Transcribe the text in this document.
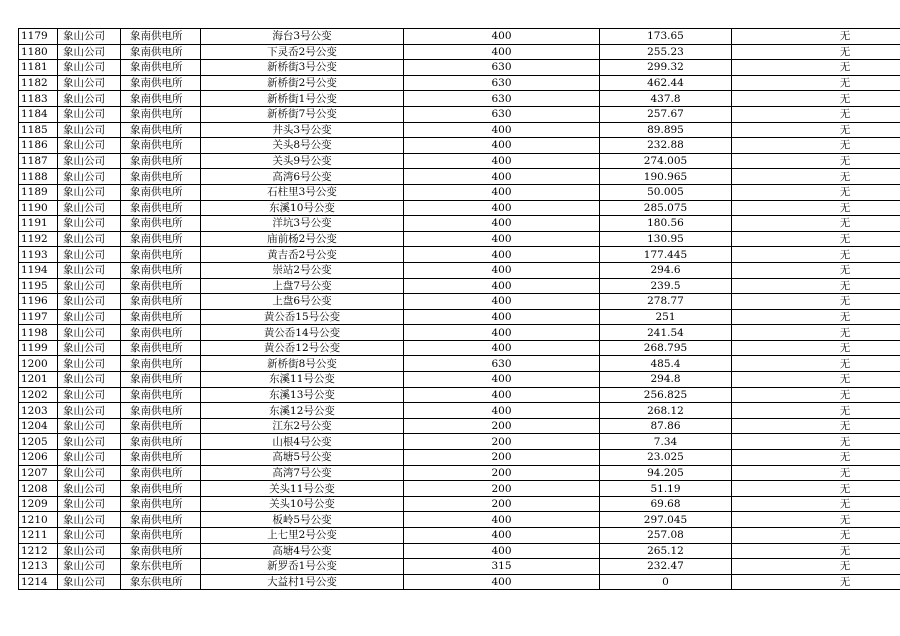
1179	象山公司	象南供电所	海台3号公变	400	173.65	无
1180	象山公司	象南供电所	下灵岙2号公变	400	255.23	无
1181	象山公司	象南供电所	新桥街3号公变	630	299.32	无
1182	象山公司	象南供电所	新桥街2号公变	630	462.44	无
1183	象山公司	象南供电所	新桥街1号公变	630	437.8	无
1184	象山公司	象南供电所	新桥街7号公变	630	257.67	无
1185	象山公司	象南供电所	井头3号公变	400	89.895	无
1186	象山公司	象南供电所	关头8号公变	400	232.88	无
1187	象山公司	象南供电所	关头9号公变	400	274.005	无
1188	象山公司	象南供电所	高湾6号公变	400	190.965	无
1189	象山公司	象南供电所	石柱里3号公变	400	50.005	无
1190	象山公司	象南供电所	东溪10号公变	400	285.075	无
1191	象山公司	象南供电所	洋坑3号公变	400	180.56	无
1192	象山公司	象南供电所	庙前杨2号公变	400	130.95	无
1193	象山公司	象南供电所	黄吉岙2号公变	400	177.445	无
1194	象山公司	象南供电所	崇站2号公变	400	294.6	无
1195	象山公司	象南供电所	上盘7号公变	400	239.5	无
1196	象山公司	象南供电所	上盘6号公变	400	278.77	无
1197	象山公司	象南供电所	黄公岙15号公变	400	251	无
1198	象山公司	象南供电所	黄公岙14号公变	400	241.54	无
1199	象山公司	象南供电所	黄公岙12号公变	400	268.795	无
1200	象山公司	象南供电所	新桥街8号公变	630	485.4	无
1201	象山公司	象南供电所	东溪11号公变	400	294.8	无
1202	象山公司	象南供电所	东溪13号公变	400	256.825	无
1203	象山公司	象南供电所	东溪12号公变	400	268.12	无
1204	象山公司	象南供电所	江东2号公变	200	87.86	无
1205	象山公司	象南供电所	山根4号公变	200	7.34	无
1206	象山公司	象南供电所	高塘5号公变	200	23.025	无
1207	象山公司	象南供电所	高湾7号公变	200	94.205	无
1208	象山公司	象南供电所	关头11号公变	200	51.19	无
1209	象山公司	象南供电所	关头10号公变	200	69.68	无
1210	象山公司	象南供电所	板岭5号公变	400	297.045	无
1211	象山公司	象南供电所	上七里2号公变	400	257.08	无
1212	象山公司	象南供电所	高塘4号公变	400	265.12	无
1213	象山公司	象东供电所	新罗岙1号公变	315	232.47	无
1214	象山公司	象东供电所	大益村1号公变	400	0	无
